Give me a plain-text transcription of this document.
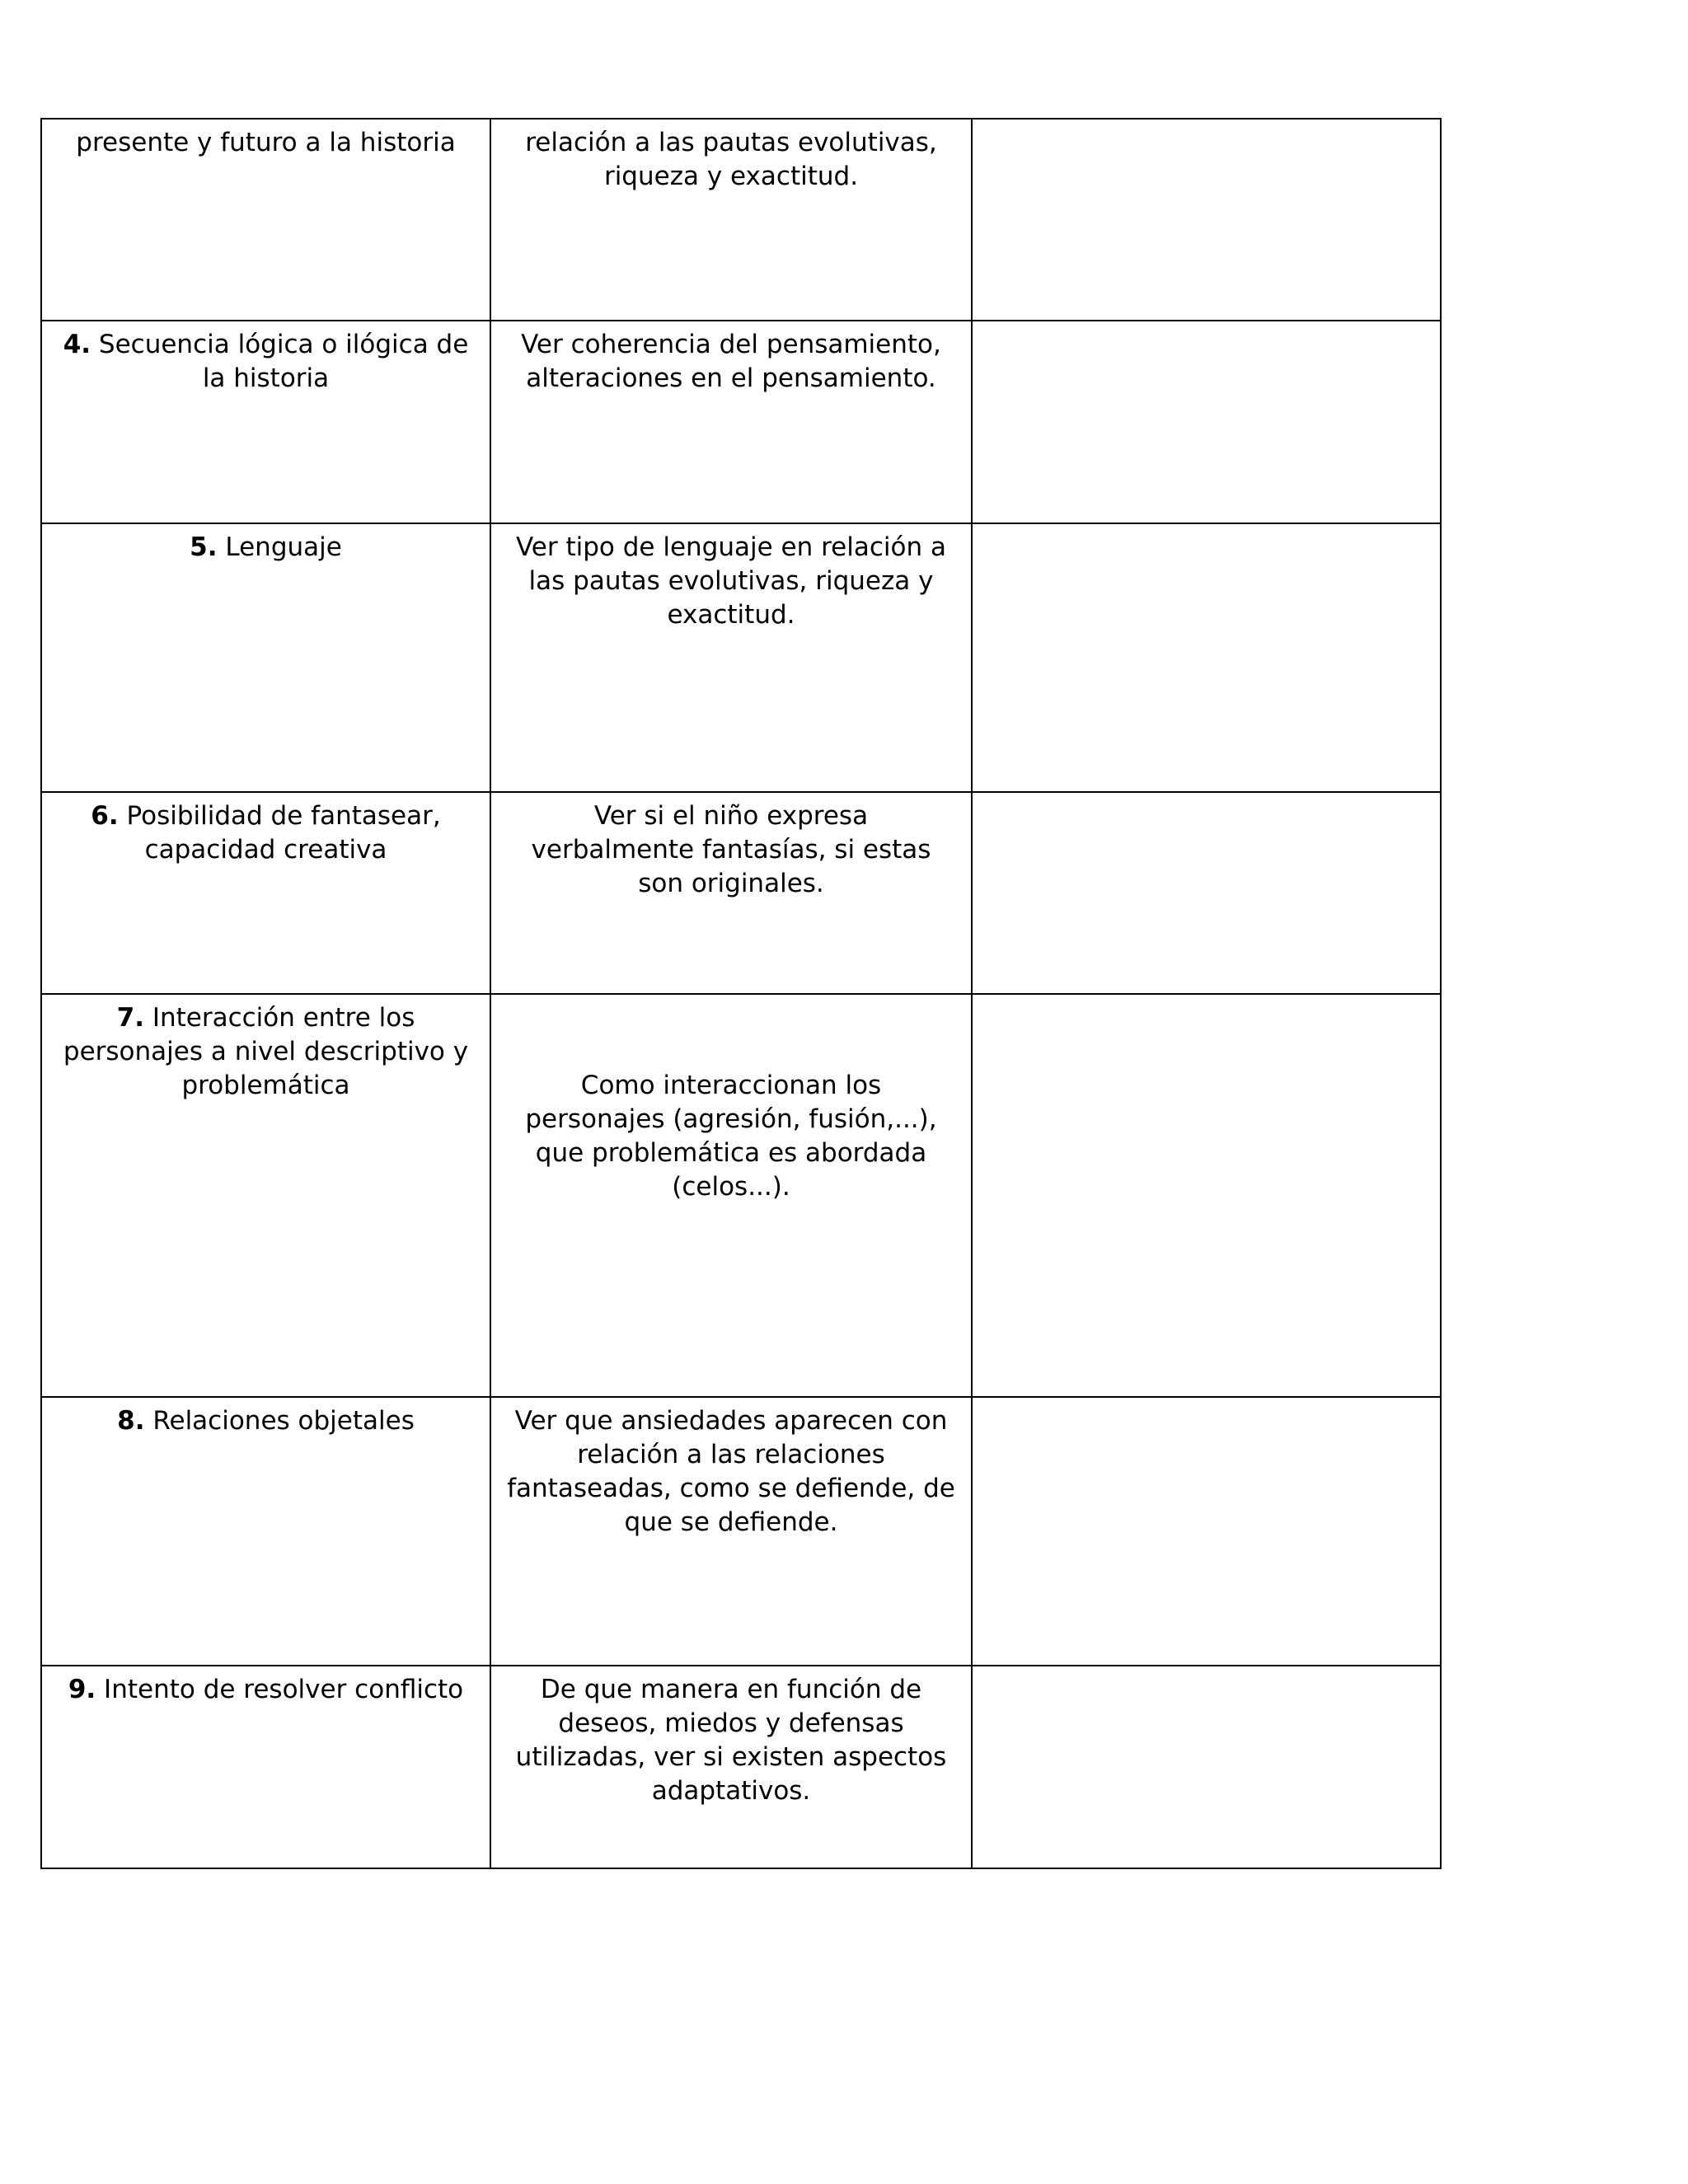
presente y futuro a la historia	relación a las pautas evolutivas, riqueza y exactitud.	
4. Secuencia lógica o ilógica de la historia	Ver coherencia del pensamiento, alteraciones en el pensamiento.	
5. Lenguaje	Ver tipo de lenguaje en relación a las pautas evolutivas, riqueza y exactitud.	
6. Posibilidad de fantasear, capacidad creativa	Ver si el niño expresa verbalmente fantasías, si estas son originales.	
7. Interacción entre los personajes a nivel descriptivo y problemática	Como interaccionan los personajes (agresión, fusión,...), que problemática es abordada (celos...).	
8. Relaciones objetales	Ver que ansiedades aparecen con relación a las relaciones fantaseadas, como se defiende, de que se defiende.	
9. Intento de resolver conflicto	De que manera en función de deseos, miedos y defensas utilizadas, ver si existen aspectos adaptativos.	
